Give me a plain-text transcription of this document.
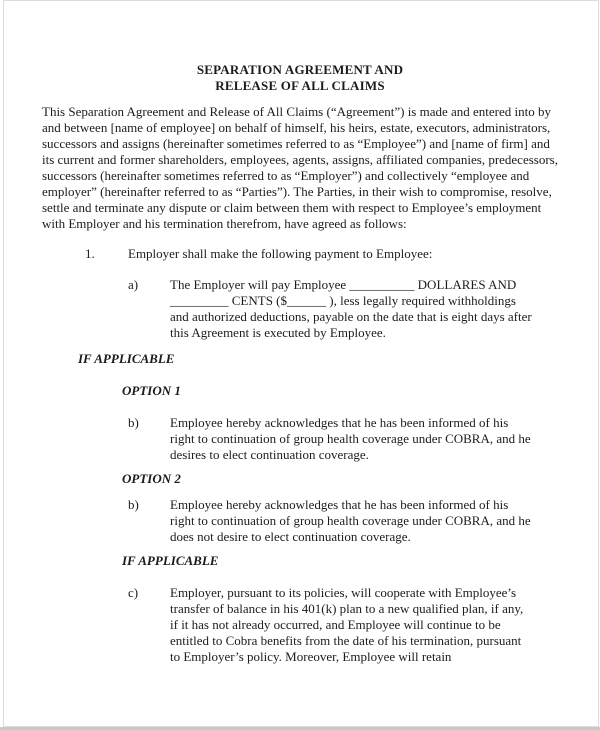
SEPARATION AGREEMENT AND
RELEASE OF ALL CLAIMS

This Separation Agreement and Release of All Claims (“Agreement”) is made and entered into by and between [name of employee] on behalf of himself, his heirs, estate, executors, administrators, successors and assigns (hereinafter sometimes referred to as “Employee”) and [name of firm] and its current and former shareholders, employees, agents, assigns, affiliated companies, predecessors, successors (hereinafter sometimes referred to as “Employer”) and collectively “employee and employer” (hereinafter referred to as “Parties”). The Parties, in their wish to compromise, resolve, settle and terminate any dispute or claim between them with respect to Employee’s employment with Employer and his termination therefrom, have agreed as follows:

1.	Employer shall make the following payment to Employee:
a) The Employer will pay Employee __________ DOLLARES AND _________ CENTS ($______ ), less legally required withholdings and authorized deductions, payable on the date that is eight days after this Agreement is executed by Employee.
IF APPLICABLE
OPTION 1
b) Employee hereby acknowledges that he has been informed of his right to continuation of group health coverage under COBRA, and he desires to elect continuation coverage.
OPTION 2
b) Employee hereby acknowledges that he has been informed of his right to continuation of group health coverage under COBRA, and he does not desire to elect continuation coverage.
IF APPLICABLE
c) Employer, pursuant to its policies, will cooperate with Employee’s transfer of balance in his 401(k) plan to a new qualified plan, if any, if it has not already occurred, and Employee will continue to be entitled to Cobra benefits from the date of his termination, pursuant to Employer’s policy. Moreover, Employee will retain
